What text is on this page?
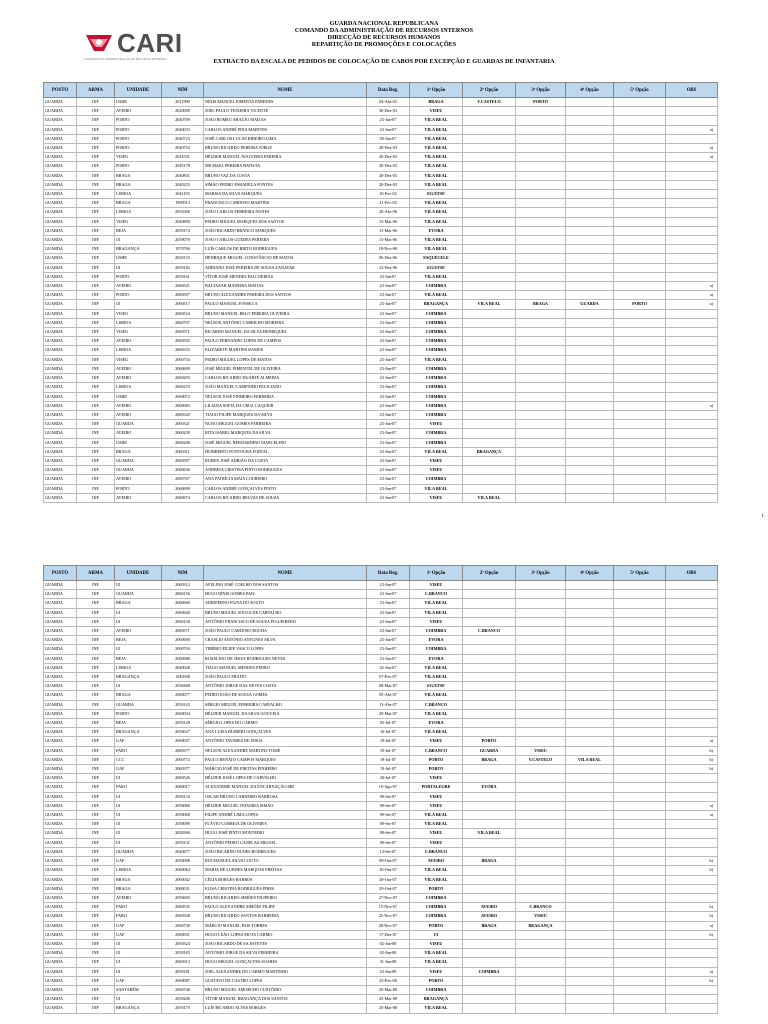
CARI
COMANDO DA ADMINISTRAÇÃO DE RECURSOS INTERNOS
GUARDA NACIONAL REPUBLICANA
COMANDO DA ADMINISTRAÇÃO DE RECURSOS INTERNOS
DIRECÇÃO DE RECURSOS HUMANOS
REPARTIÇÃO DE PROMOÇÕES E COLOCAÇÕES
EXTRACTO DA ESCALA DE PEDIDOS DE COLOCAÇÃO DE CABOS POR EXCEPÇÃO E GUARDAS DE INFANTARIA
POSTO	ARMA	UNIDADE	NIM	NOME	Data Reg.	1ª Opção	2ª Opção	3ª Opção	4ª Opção	5ª Opção	OBS
GUARDA	INF	USHE	2011990	NINIS MANUEL PIMENTA PAREDES	04-Abr-03	BRAGA	V.CASTELO	PORTO			
GUARDA	INF	AVEIRO	2020090	JOEL PAULO TEIXEIRA VICENTE	30-Dez-03	VISEU					
GUARDA	INF	PORTO	2040709	JOÃO ROMEU ARAÚJO MATIAS	23-Jan-07	VILA REAL					
GUARDA	INF	PORTO	2040033	CARLOS ANDRÉ PINA MARTINS	23-Jan-07	VILA REAL					a)
GUARDA	INF	PORTO	2040723	JOSÉ CARLOS LUCAS RIBEIRO LIMA	03-Jan-07	VILA REAL					
GUARDA	INF	PORTO	2040733	BRUNO RICARDO PEREIRA JORGE	20-Dez-03	VILA REAL					a)
GUARDA	INF	VISEU	2041031	HÉLDER MANUEL NOGUEIRA PEREIRA	20-Dez-03	VILA REAL					a)
GUARDA	INF	PORTO	2045178	MICHAEL PEREIRA BATISTA	20-Dez-03	VILA REAL					
GUARDA	INF	BRAGA	2040831	BRUNO VAZ DA COSTA	20-Dez-03	VILA REAL					
GUARDA	INF	BRAGA	2040233	SIMÃO PEDRO PARADELA FONTES	20-Dez-03	VILA REAL					
GUARDA	INF	LISBOA	2041193	MARISA DA SILVA MARQUES	10-Fev-03	EG/UFSF					
GUARDA	INF	BRAGA	1990913	FRANCISCO CARDOSO MARTINS	21-Fev-03	VILA REAL					
GUARDA	INF	LISBOA	2051000	JOÃO CARLOS FERREIRA NUNES	20-Abr-06	VILA REAL					
GUARDA	INF	VISEU	2040890	PEDRO MIGUEL MARQUES DOS SANTOS	13-Mai-06	VILA REAL					
GUARDA	INF	BEJA	2059174	JOÃO RICARDO BRANCO MARQUES	13-Mai-06	EVORA					
GUARDA	INF	UI	2059070	JOÃO CARLOS GUEDES PEREIRA	13-Mai-06	VILA REAL					
GUARDA	INF	BRAGANÇA	1970766	LUÍS CARLOS DE BRITO RODRIGUES	18-Nov-06	VILA REAL					
GUARDA	INF	USHE	2020133	HENRIQUE MIGUEL CONSTÂNCIO DE MATOS	06-Dez-06	ESQUECELE					
GUARDA	INF	UI	2059182	ADRIANO JOSÉ PEREIRA DE SOUSA ZANAVAR	12-Dez-06	EG/UFSF					
GUARDA	INF	PORTO	2059161	VÍTOR JOSÉ MENDES FALCOEIRAS	23-Jan-07	VILA REAL					
GUARDA	INF	AVEIRO	2060521	BALTAZAR MADEIRA MATIAS	23-Jan-07	COIMBRA					a)
GUARDA	INF	PORTO	2060597	BRUNO ALEXANDRE PEREIRA DOS SANTOS	23-Jan-07	VILA REAL					a)
GUARDA	INF	UI	2060517	PAULO MANUEL FONSECA	23-Jan-07	BRAGANÇA	VILA REAL	BRAGA	GUARDA	PORTO	a)
GUARDA	INF	VISEU	2060524	BRUNO MANUEL BELO PEREIRA OLIVEIRA	23-Jan-07	COIMBRA					
GUARDA	INF	LISBOA	2060707	NELSON ANTÓNIO CARRILHO MOREIRA	23-Jan-07	COIMBRA					
GUARDA	INF	VISEU	2060571	RICARDO MANUEL DA SILVA HENRIQUES	23-Jan-07	COIMBRA					
GUARDA	INF	AVEIRO	2060592	PAULO FERNANDO LOPES DE CAMPOS	23-Jan-07	COIMBRA					
GUARDA	INF	LISBOA	2060333	ELIZABETE MARTINS RAMOS	23-Jan-07	COIMBRA					
GUARDA	INF	VISEU	2060734	PEDRO MIGUEL LOPES DE MATOS	23-Jan-07	VILA REAL					
GUARDA	INF	AVEIRO	2060609	JOSÉ MIGUEL PIMENTEL DE OLIVEIRA	23-Jan-07	COIMBRA					
GUARDA	INF	AVEIRO	2060293	CARLOS RICARDO DUARTE ALMEIDA	23-Jan-07	COIMBRA					
GUARDA	INF	LISBOA	2060270	JOÃO MANUEL CAMPINHO FELICIANO	23-Jan-07	COIMBRA					
GUARDA	INF	USHE	2060072	NELSON JOSÉ PINHEIRO FERREIRA	23-Jan-07	COIMBRA					
GUARDA	INF	AVEIRO	2060983	LILIANA SOFIA DA CRUZ CAQUEIR	23-Jan-07	COIMBRA					a)
GUARDA	INF	AVEIRO	2060320	TIAGO FILIPE MARQUES DA SILVA	23-Jan-07	COIMBRA					
GUARDA	INF	GUARDA	2060321	NUNO MIGUEL GOMES FERREIRA	23-Jan-07	VISEU					
GUARDA	INF	AVEIRO	2060239	RITA ISABEL MARQUES DA SILVA	23-Jan-07	COIMBRA					
GUARDA	INF	USHE	2060208	JOSÉ MIGUEL BERNARDINO MARCELINO	23-Jan-07	COIMBRA					
GUARDA	INF	BRAGA	2060311	HUMBERTO FONTOURA FORTAL	23-Jan-07	VILA REAL	BRAGANÇA				
GUARDA	INF	GUARDA	2060597	RUBEN JOSÉ ADRIÃO DA COSTA	23-Jan-07	VISEU					
GUARDA	INF	GUARDA	2060636	ANDREIA CRISTINA PINTO RODRIGUES	23-Jan-07	VISEU					
GUARDA	INF	AVEIRO	2060767	ANA PATRÍCIA MAIA LOUREIRO	23-Jan-07	COIMBRA					
GUARDA	INF	PORTO	2060699	CARLOS ANDRÉ GONÇALVES PINTO	23-Jan-07	VILA REAL					
GUARDA	INF	AVEIRO	2060674	CARLOS RICARDO BELVAS DE SOUSA	23-Jan-07	VISEU	VILA REAL				
1
POSTO	ARMA	UNIDADE	NIM	NOME	Data Reg.	1ª Opção	2ª Opção	3ª Opção	4ª Opção	5ª Opção	OBS
GUARDA	INF	UI	2060312	AVELINO JOSÉ COELHO DOS SANTOS	23-Jan-07	VISEU					
GUARDA	INF	GUARDA	2060156	HUGO DINIS GOMES PAIS	23-Jan-07	C.BRANCO					
GUARDA	INF	BRAGA	2060660	ADRIFERNO FAJVA DO SOUTO	23-Jan-07	VILA REAL					
GUARDA	INF	UI	2060640	BRUNO MIGUEL SOUSA DE CARVALHO	23-Jan-07	VILA REAL					
GUARDA	INF	UI	2060130	ANTÓNIO FRANCISCO DE SOUSA FIGUEIREDO	23-Jan-07	VISEU					
GUARDA	INF	AVEIRO	2060571	JOÃO PAULO CARDOSO ROCHA	23-Jan-07	COIMBRA	C.BRANCO				
GUARDA	INF	BEJA	2060690	CRASLIO ANTÓNIO ANTUNES SILVA	23-Jan-07	EVORA					
GUARDA	INF	UI	2060704	TIBÉRIO FILIPE VASCO LOPES	23-Jan-07	COIMBRA					
GUARDA	INF	BEJA	2060688	ROSALINO DE JESUS RODRIGUES NEVES	23-Jan-07	EVORA					
GUARDA	INF	LISBOA	2040048	TIAGO MANUEL MENDES PEDRO	02-Jan-07	VILA REAL					
GUARDA	INF	BRAGANÇA	1940508	JOÃO PAULO FRAITO	07-Fev-07	VILA REAL					
GUARDA	INF	UI	2030468	ANTÓNIO JORGE DAS NEVES COSTA	08-Mar-07	EG/UFSF					
GUARDA	INF	BRAGA	2060077	PEDRO JOÃO DE SOUSA GOMES	05-Abr-07	VILA REAL					
GUARDA	INF	GUARDA	2050143	SÉRGIO MIGUEL FERREIRA CARVALHO	13-Abr-07	C.BRANCO					
GUARDA	INF	PORTO	2060034	HÉLDER MANUEL DA SILVA GOUVEIA	29-Mai-07	VILA REAL					
GUARDA	INF	BEJA	2050129	SÉRGIO LOPES DO CARMO	05-Jul-07	EVORA					
GUARDA	INF	BRAGANÇA	2050027	ANA LUÍSA DUBIERI GONÇALVES	16-Jul-07	VILA REAL					
GUARDA	INF	UAF	2060037	ANTÓNIO TAVARES DE JESUS	19-Jul-07	VISEU	PORTO				a)
GUARDA	INF	FARO	2060377	NELSON ALEXANDRE MARTINS TOMÉ	19-Jul-07	C.BRANCO	GUARDA	VISEU			b)
GUARDA	INF	CCC	2060772	PAULO RENATO CAMPOS MARQUES	19-Jul-07	PORTO	BRAGA	V.CASTELO	VILA REAL		b)
GUARDA	INF	UAF	2060377	MÁRCIO JOSÉ DE FREITAS PINHEIRO	19-Jul-07	PORTO					b)
GUARDA	INF	UI	2060526	HÉLDER JOSÉ LOPES DE CARVALHO	20-Jul-07	VISEU					
GUARDA	INF	FARO	2060017	ALEXANDRE MANUEL DA ENCARNAÇÃO MR	16-Ago-07	PORTALEGRE	EVORA				
GUARDA	INF	UI	2050133	OSCAR BRUNO CARNEIRO BARBOSA	09-Set-07	VISEU					
GUARDA	INF	UI	2050060	HÉLDER MIGUEL TEIXEIRA SIMÃO	09-Set-07	VISEU					a)
GUARDA	INF	UI	2050068	FILIPE ANDRÉ LIMA LOPES	09-Set-07	VILA REAL					a)
GUARDA	INF	UI	2050099	FLÁVIO CORREIA DE OLIVEIRA	09-Set-07	VILA REAL					
GUARDA	INF	UI	2050366	HUGO JOSÉ PINTO MONTEIRO	09-Set-07	VISEU	VILA REAL				
GUARDA	INF	UI	2050131	ANTÓNIO PEDRO CANELAS MIGUEL	09-Set-07	VISEU					
GUARDA	INF	GUARDA	2040677	JOÃO RICARDO NUNES RODRIGUES	12-Set-07	C.BRANCO					
GUARDA	INF	UAF	2050098	RUI MANUEL SILVA COUTO	09-Out-07	AVEIRO	BRAGA				b)
GUARDA	INF	LISBOA	2060064	MARIA DE LURDES MARQUES FREITAS	10-Out-07	VILA REAL					b)
GUARDA	INF	BRAGA	2060042	CÉLIA BORGES BARROS	29-Out-07	VILA REAL					
GUARDA	INF	BRAGA	2060031	ELISA CRISTINA RODRIGUES PIRES	29-Out-07	PORTO					
GUARDA	INF	AVEIRO	2050605	BRUNO RICARDO SIMÕES FILIPEIRO	27-Nov-07	COIMBRA					
GUARDA	INF	FARO	2060535	PAULO ALEXANDRE SIMÕES FILIPE	15-Nov-07	COIMBRA	AVEIRO	C.BRANCO			b)
GUARDA	INF	FARO	2060338	BRUNO RICARDO SANTOS BARREIRA	25-Nov-07	COIMBRA	AVEIRO	VISEU			b)
GUARDA	INF	UAF	2060739	MÁRCIO MANUEL PAIS TORRES	28-Nov-07	PORTO	BRAGA	BRAGANÇA			a)
GUARDA	INF	UAF	2060031	HUGO LEÃO LOPES MOTA CARMO	17-Dez-07	UI					b)
GUARDA	INF	UI	2050324	JOÃO RICARDO DE SA ESTEVES	02-Jan-08	VISEU					
GUARDA	INF	UI	2050183	ANTÓNIO JORGE DA SILVA FERREIRA	02-Jan-08	VILA REAL					
GUARDA	INF	UI	2060313	HUGO MIGUEL GONÇALVES SOARES	31-Jan-08	VILA REAL					
GUARDA	INF	UI	2050181	JOEL ALEXANDRE DO CARMO MARTINHO	23-Jan-08	VISEU	COIMBRA				a)
GUARDA	INF	UAF	2060087	GUSTAVO DE CASTRO LOPES	25-Fev-08	PORTO					b)
GUARDA	INF	SANTARÉM	2060746	BRUNO MIGUEL AMORCHO CUSTÓDIO	20-Mar-08	COIMBRA					
GUARDA	INF	UI	2050206	VÍTOR MANUEL BRAGANÇA DOS SANTOS	25-Mar-08	BRAGANÇA					
GUARDA	INF	BRAGANÇA	2050175	LUÍS RICARDO ALVES BORGES	25-Mar-08	VILA REAL					
